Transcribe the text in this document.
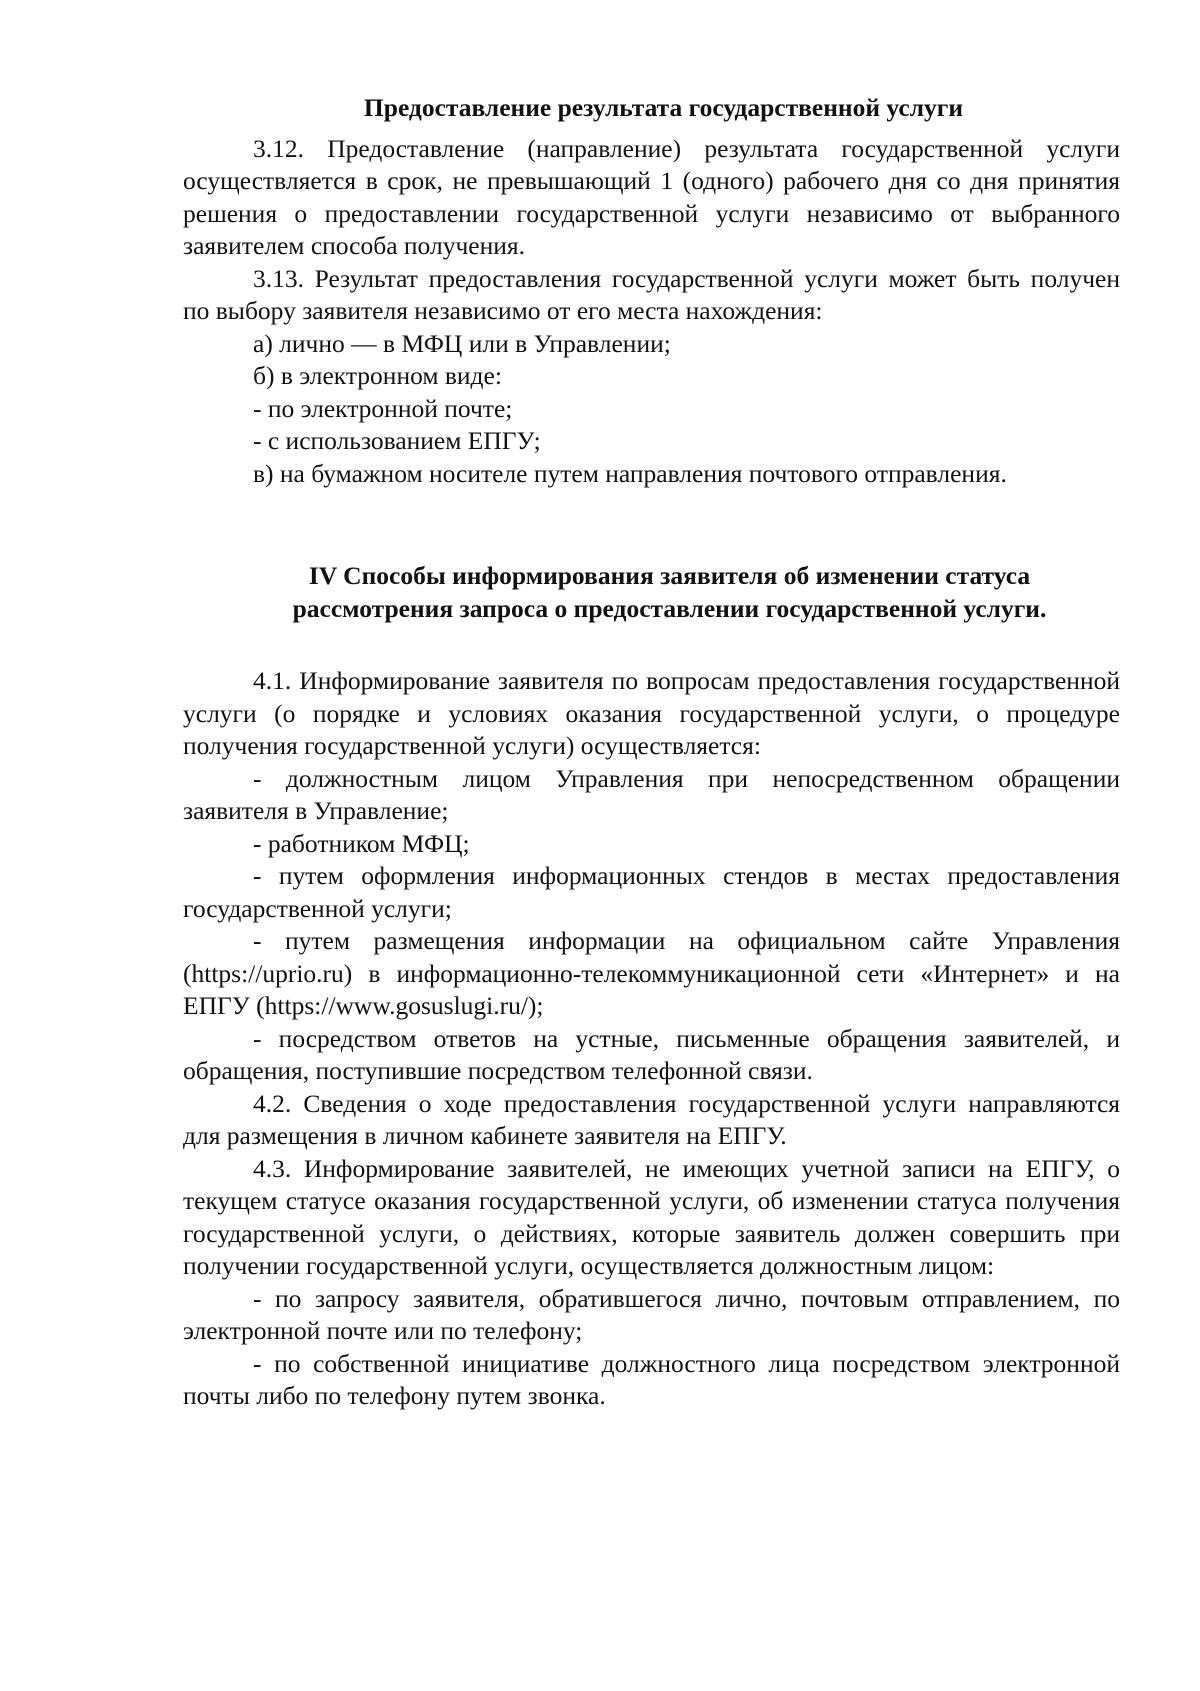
Предоставление результата государственной услуги

3.12. Предоставление (направление) результата государственной услуги осуществляется в срок, не превышающий 1 (одного) рабочего дня со дня принятия решения о предоставлении государственной услуги независимо от выбранного заявителем способа получения.

3.13. Результат предоставления государственной услуги может быть получен по выбору заявителя независимо от его места нахождения:

а) лично — в МФЦ или в Управлении;

б) в электронном виде:

- по электронной почте;

- с использованием ЕПГУ;

в) на бумажном носителе путем направления почтового отправления.

IV Способы информирования заявителя об изменении статуса
рассмотрения запроса о предоставлении государственной услуги.

4.1. Информирование заявителя по вопросам предоставления государственной услуги (о порядке и условиях оказания государственной услуги, о процедуре получения государственной услуги) осуществляется:

- должностным лицом Управления при непосредственном обращении заявителя в Управление;

- работником МФЦ;

- путем оформления информационных стендов в местах предоставления государственной услуги;

- путем размещения информации на официальном сайте Управления (https://uprio.ru) в информационно-телекоммуникационной сети «Интернет» и на ЕПГУ (https://www.gosuslugi.ru/);

- посредством ответов на устные, письменные обращения заявителей, и обращения, поступившие посредством телефонной связи.

4.2. Сведения о ходе предоставления государственной услуги направляются для размещения в личном кабинете заявителя на ЕПГУ.

4.3. Информирование заявителей, не имеющих учетной записи на ЕПГУ, о текущем статусе оказания государственной услуги, об изменении статуса получения государственной услуги, о действиях, которые заявитель должен совершить при получении государственной услуги, осуществляется должностным лицом:

- по запросу заявителя, обратившегося лично, почтовым отправлением, по электронной почте или по телефону;

- по собственной инициативе должностного лица посредством электронной почты либо по телефону путем звонка.
